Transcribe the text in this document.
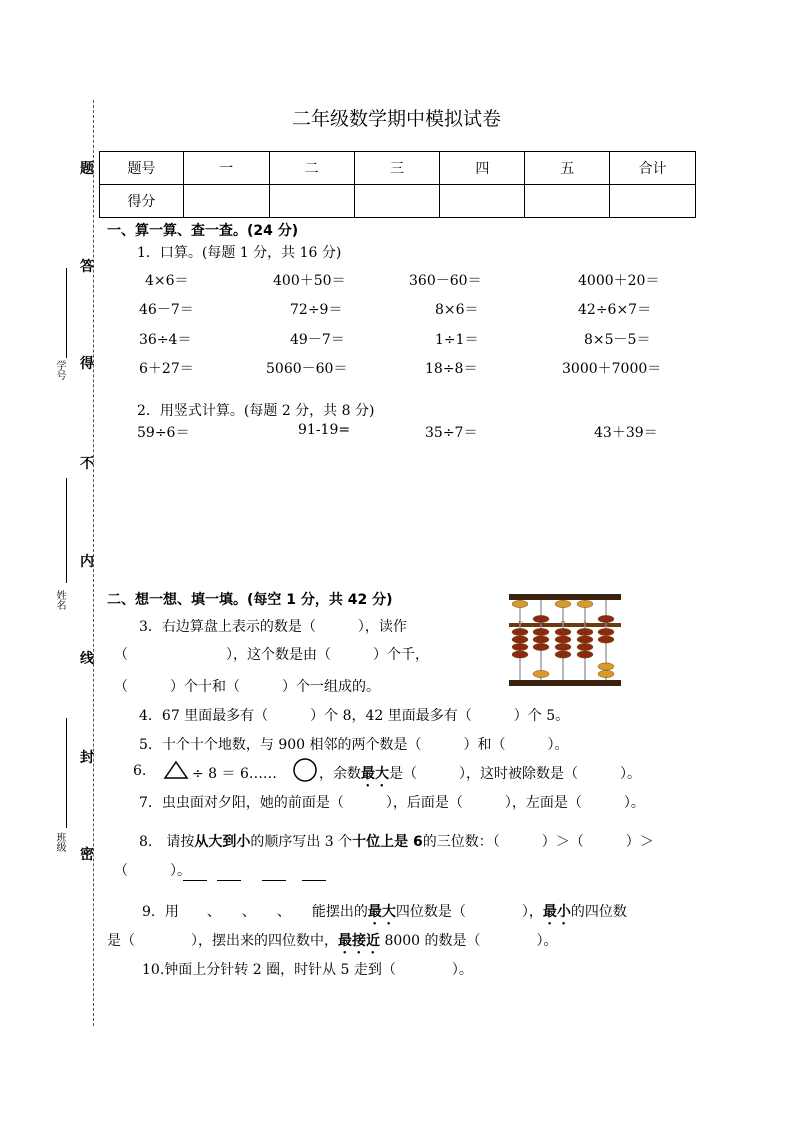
题
答
得
不
内
线
封
密
学号
姓名
班级
二年级数学期中模拟试卷
题号	一	二	三	四	五	合计
得分						
一、算一算、查一查。(24 分)
1．口算。(每题 1 分，共 16 分)
4×6＝	400＋50＝	360－60＝	4000＋20＝
46－7＝	72÷9＝	8×6＝	42÷6×7＝
36÷4＝	49－7＝	1÷1＝	8×5－5＝
6＋27＝	5060－60＝	18÷8＝	3000＋7000＝
2．用竖式计算。(每题 2 分，共 8 分)
59÷6＝	91-19=	35÷7＝	43＋39＝
二、想一想、填一填。(每空 1 分，共 42 分)
3．右边算盘上表示的数是（　　　），读作
（　　　　　　　），这个数是由（　　　）个千，
（　　　）个十和（　　　）个一组成的。
万 千	百	十 个
4．67 里面最多有（　　　）个 8，42 里面最多有（　　　）个 5。
5．十个十个地数，与 900 相邻的两个数是（　　　）和（　　　）。
6.	÷ 8 ＝ 6……	，余数最大是（　　　），这时被除数是（　　　）。
7．虫虫面对夕阳，她的前面是（　　　），后面是（　　　），左面是（　　　）。
8.　请按从大到小的顺序写出 3 个十位上是 6的三位数：（　　　）＞（　　　）＞
（　　　）。
9．用　　、　　、　　、　　能摆出的最大四位数是（　　　　），最小的四位数
是（　　　　），摆出来的四位数中，最接近 8000 的数是（　　　　）。
10.钟面上分针转 2 圈，时针从 5 走到（　　　　）。
